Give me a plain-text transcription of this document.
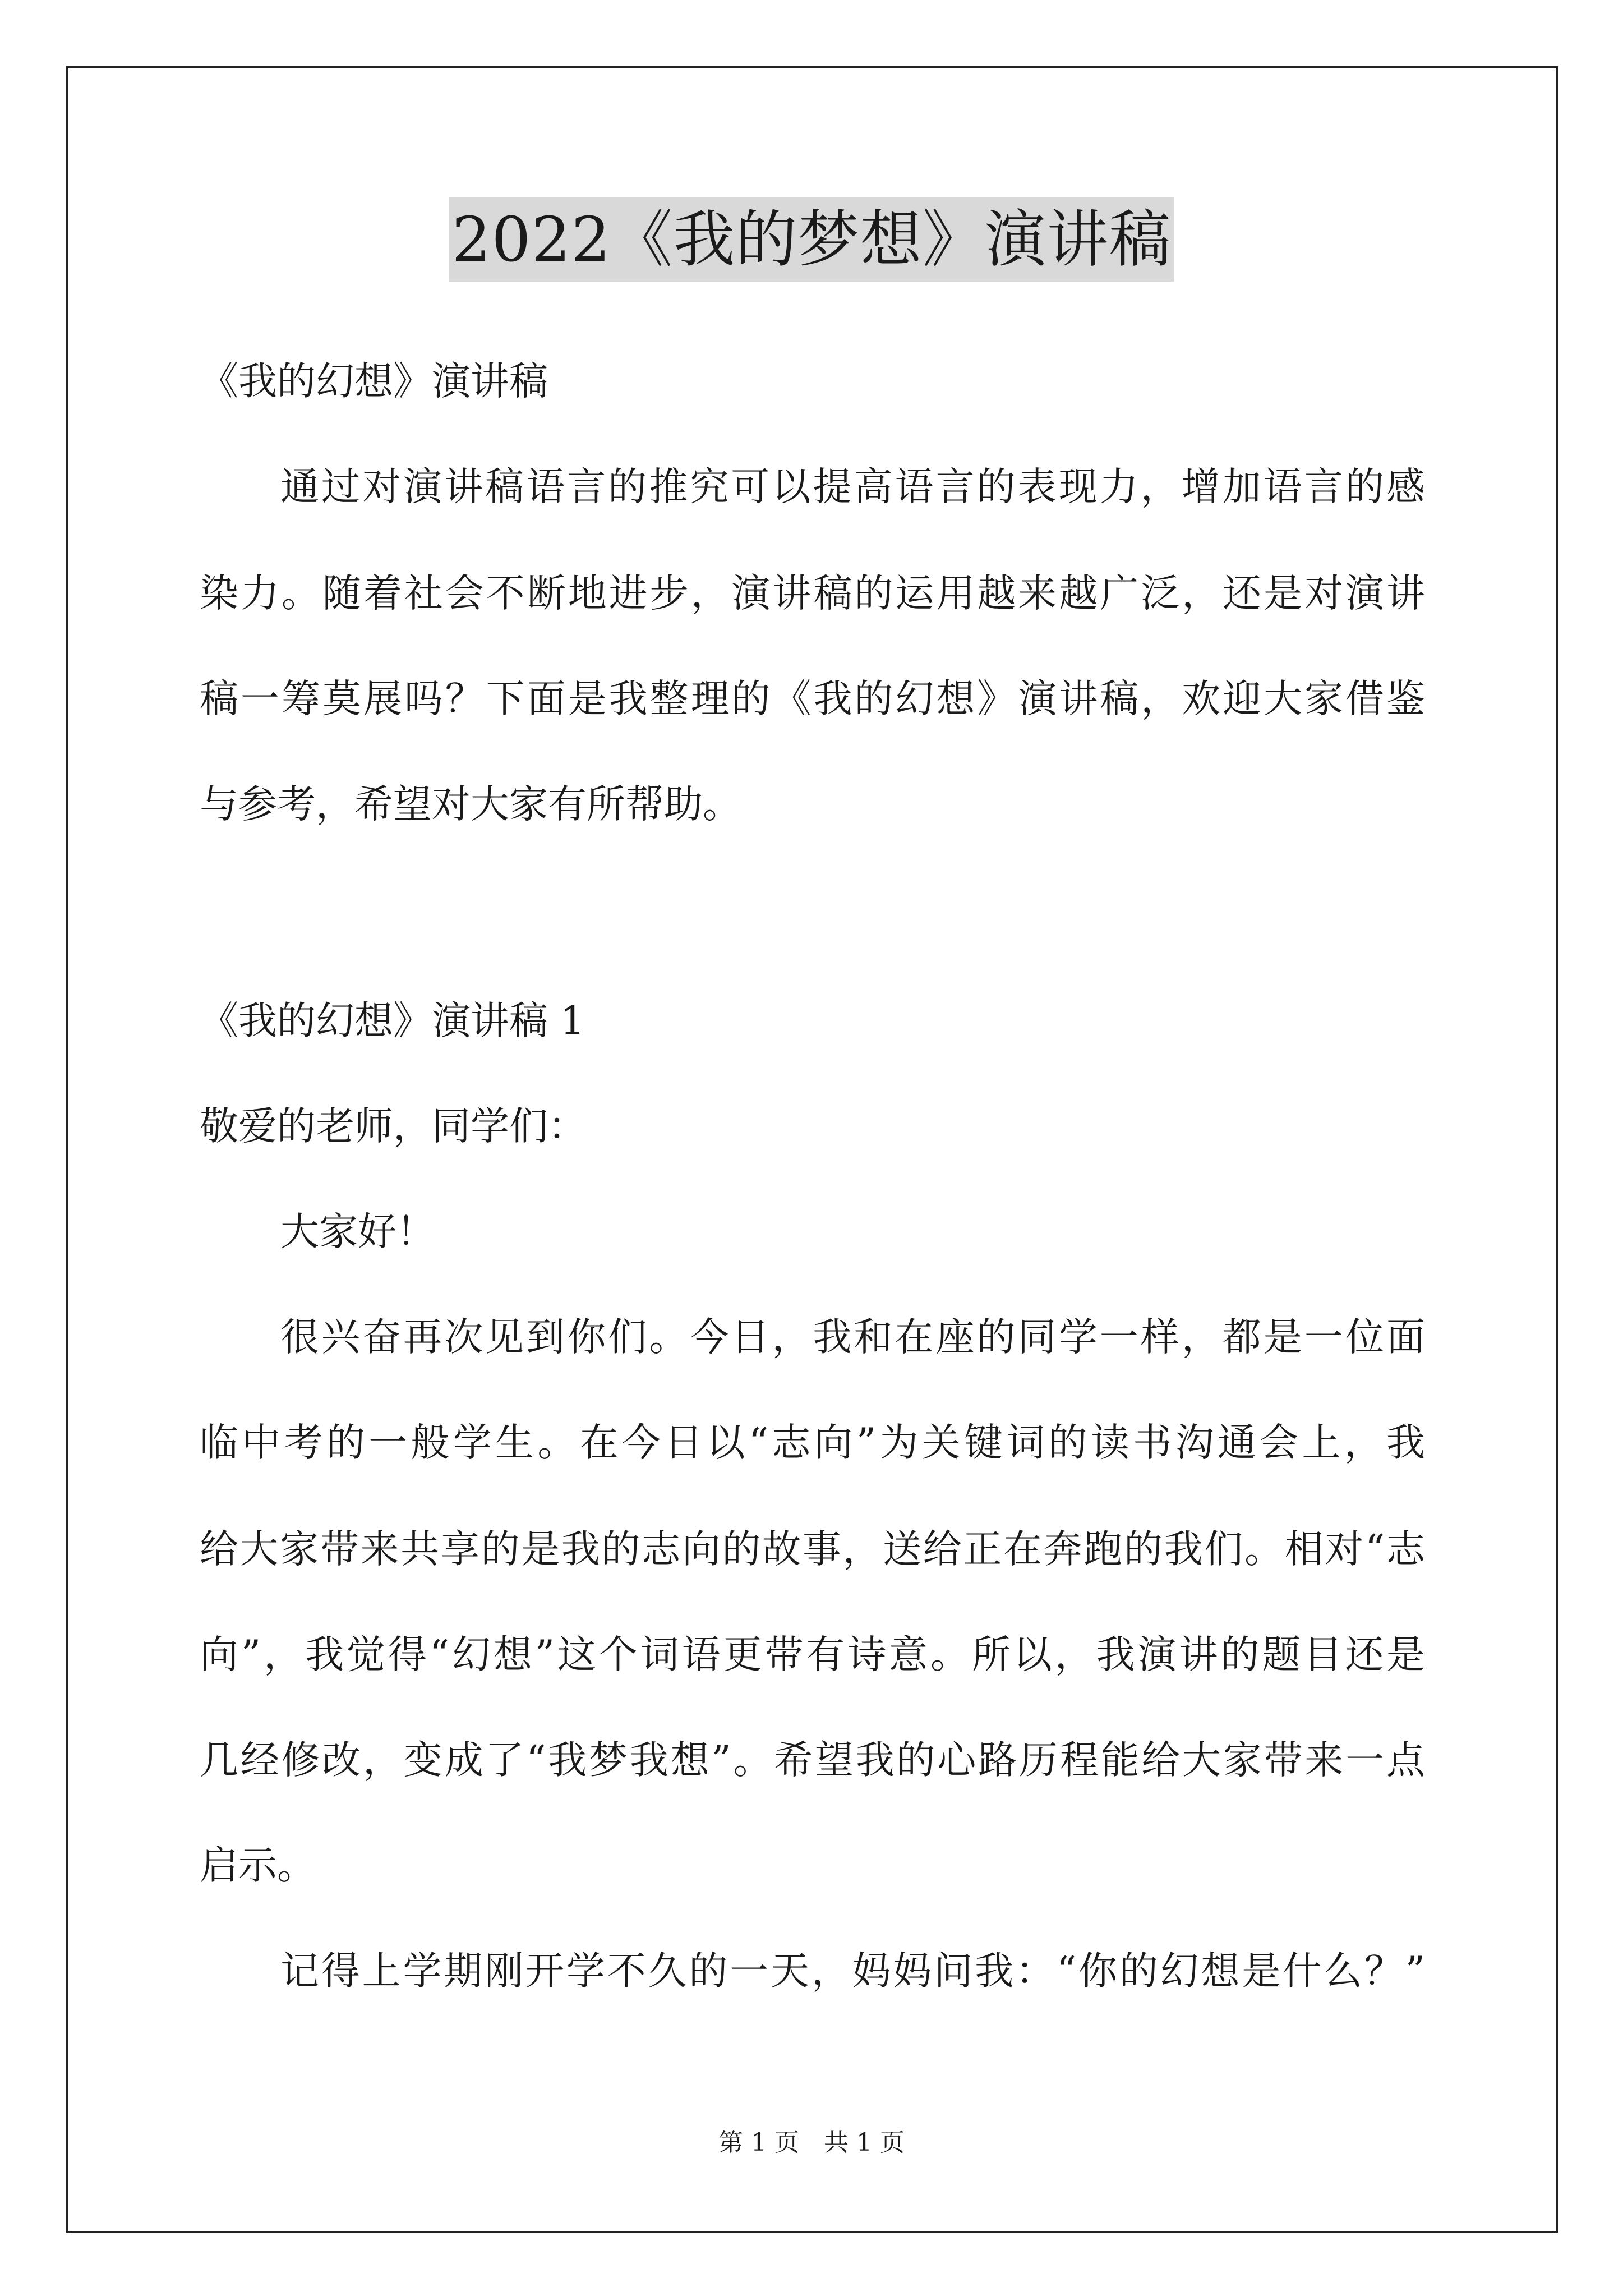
2022《我的梦想》演讲稿
《我的幻想》演讲稿
通过对演讲稿语言的推究可以提高语言的表现力，增加语言的感
染力。随着社会不断地进步，演讲稿的运用越来越广泛，还是对演讲
稿一筹莫展吗？下面是我整理的《我的幻想》演讲稿，欢迎大家借鉴
与参考，希望对大家有所帮助。
《我的幻想》演讲稿 1
敬爱的老师，同学们：
大家好！
很兴奋再次见到你们。今日，我和在座的同学一样，都是一位面
临中考的一般学生。在今日以“志向”为关键词的读书沟通会上，我
给大家带来共享的是我的志向的故事，送给正在奔跑的我们。相对“志
向”，我觉得“幻想”这个词语更带有诗意。所以，我演讲的题目还是
几经修改，变成了“我梦我想”。希望我的心路历程能给大家带来一点
启示。
记得上学期刚开学不久的一天，妈妈问我：“你的幻想是什么？”
第 1 页　共 1 页
